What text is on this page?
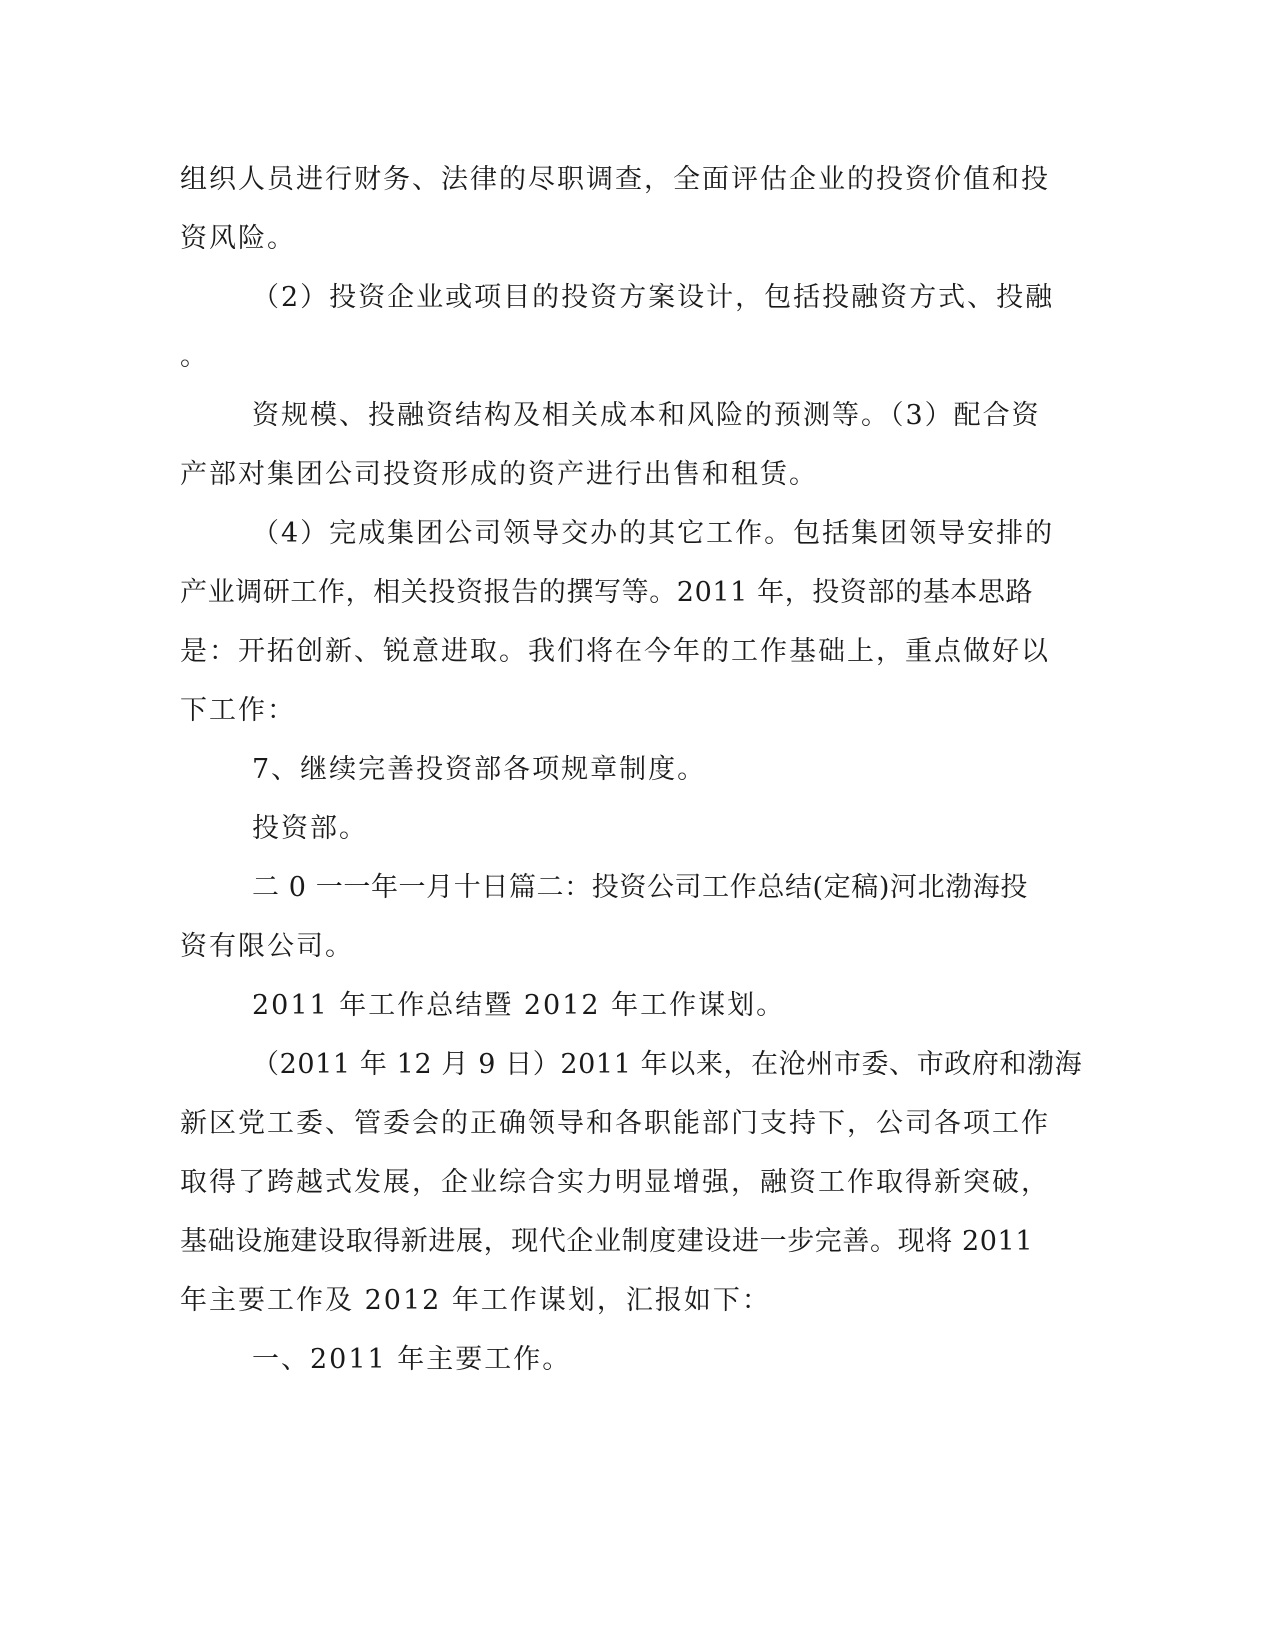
组织人员进行财务、法律的尽职调查，全面评估企业的投资价值和投

资风险。

（2）投资企业或项目的投资方案设计，包括投融资方式、投融

。

资规模、投融资结构及相关成本和风险的预测等。（3）配合资

产部对集团公司投资形成的资产进行出售和租赁。

（4）完成集团公司领导交办的其它工作。包括集团领导安排的

产业调研工作，相关投资报告的撰写等。2011 年，投资部的基本思路

是：开拓创新、锐意进取。我们将在今年的工作基础上，重点做好以

下工作：

7、继续完善投资部各项规章制度。

投资部。

二 0 一一年一月十日篇二：投资公司工作总结(定稿)河北渤海投

资有限公司。

2011 年工作总结暨 2012 年工作谋划。

（2011 年 12 月 9 日）2011 年以来，在沧州市委、市政府和渤海

新区党工委、管委会的正确领导和各职能部门支持下，公司各项工作

取得了跨越式发展，企业综合实力明显增强，融资工作取得新突破，

基础设施建设取得新进展，现代企业制度建设进一步完善。现将 2011

年主要工作及 2012 年工作谋划，汇报如下：

一、2011 年主要工作。
